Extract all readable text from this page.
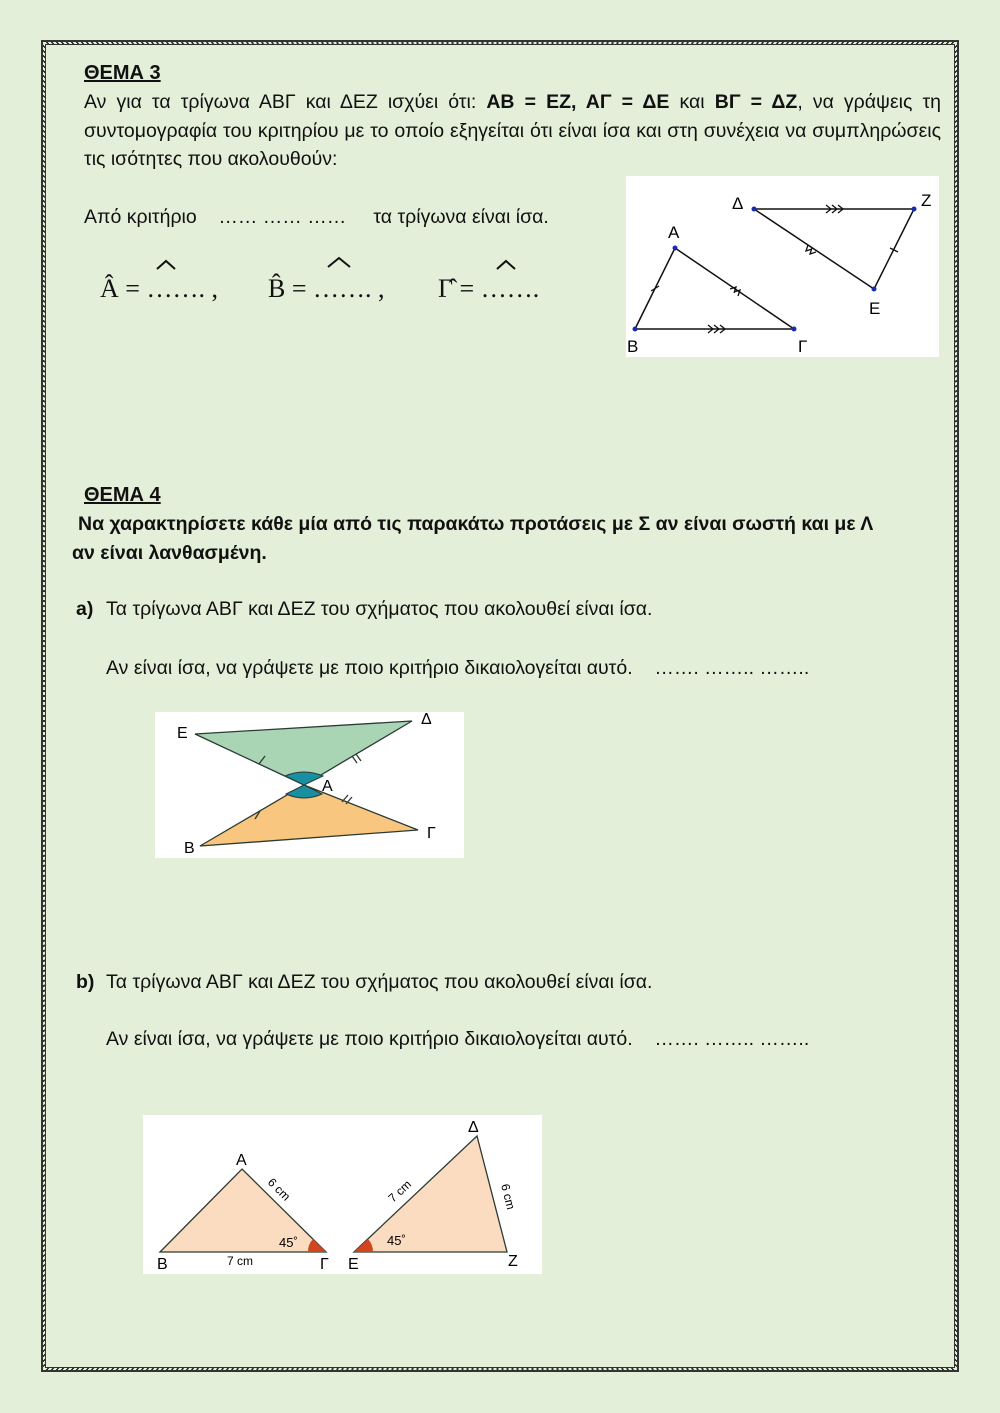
ΘΕΜΑ 3
Αν για τα τρίγωνα ΑΒΓ και ΔΕΖ ισχύει ότι: ΑΒ = ΕΖ, ΑΓ = ΔΕ και ΒΓ = ΔΖ, να γράψεις τη συντομογραφία του κριτηρίου με το οποίο εξηγείται ότι είναι ίσα και στη συνέχεια να συμπληρώσεις τις ισότητες που ακολουθούν:
Από κριτήριο …… …… …… τα τρίγωνα είναι ίσα.
Â = ……. , B̂ = ……. , Γ̂ = …….
A
B	Γ
Δ	Z
E
ΘΕΜΑ 4
Να χαρακτηρίσετε κάθε μία από τις παρακάτω προτάσεις με Σ αν είναι σωστή και με Λ
αν είναι λανθασμένη.
a) Τα τρίγωνα ΑΒΓ και ΔΕΖ του σχήματος που ακολουθεί είναι ίσα.
Αν είναι ίσα, να γράψετε με ποιο κριτήριο δικαιολογείται αυτό. ……. …….. ……..
E
Δ
A
B
Γ
b) Τα τρίγωνα ΑΒΓ και ΔΕΖ του σχήματος που ακολουθεί είναι ίσα.
Αν είναι ίσα, να γράψετε με ποιο κριτήριο δικαιολογείται αυτό. ……. …….. ……..
A
B	Γ E
Δ
Z
7 cm
6 cm	7 cm	6 cm
45˚	45˚
